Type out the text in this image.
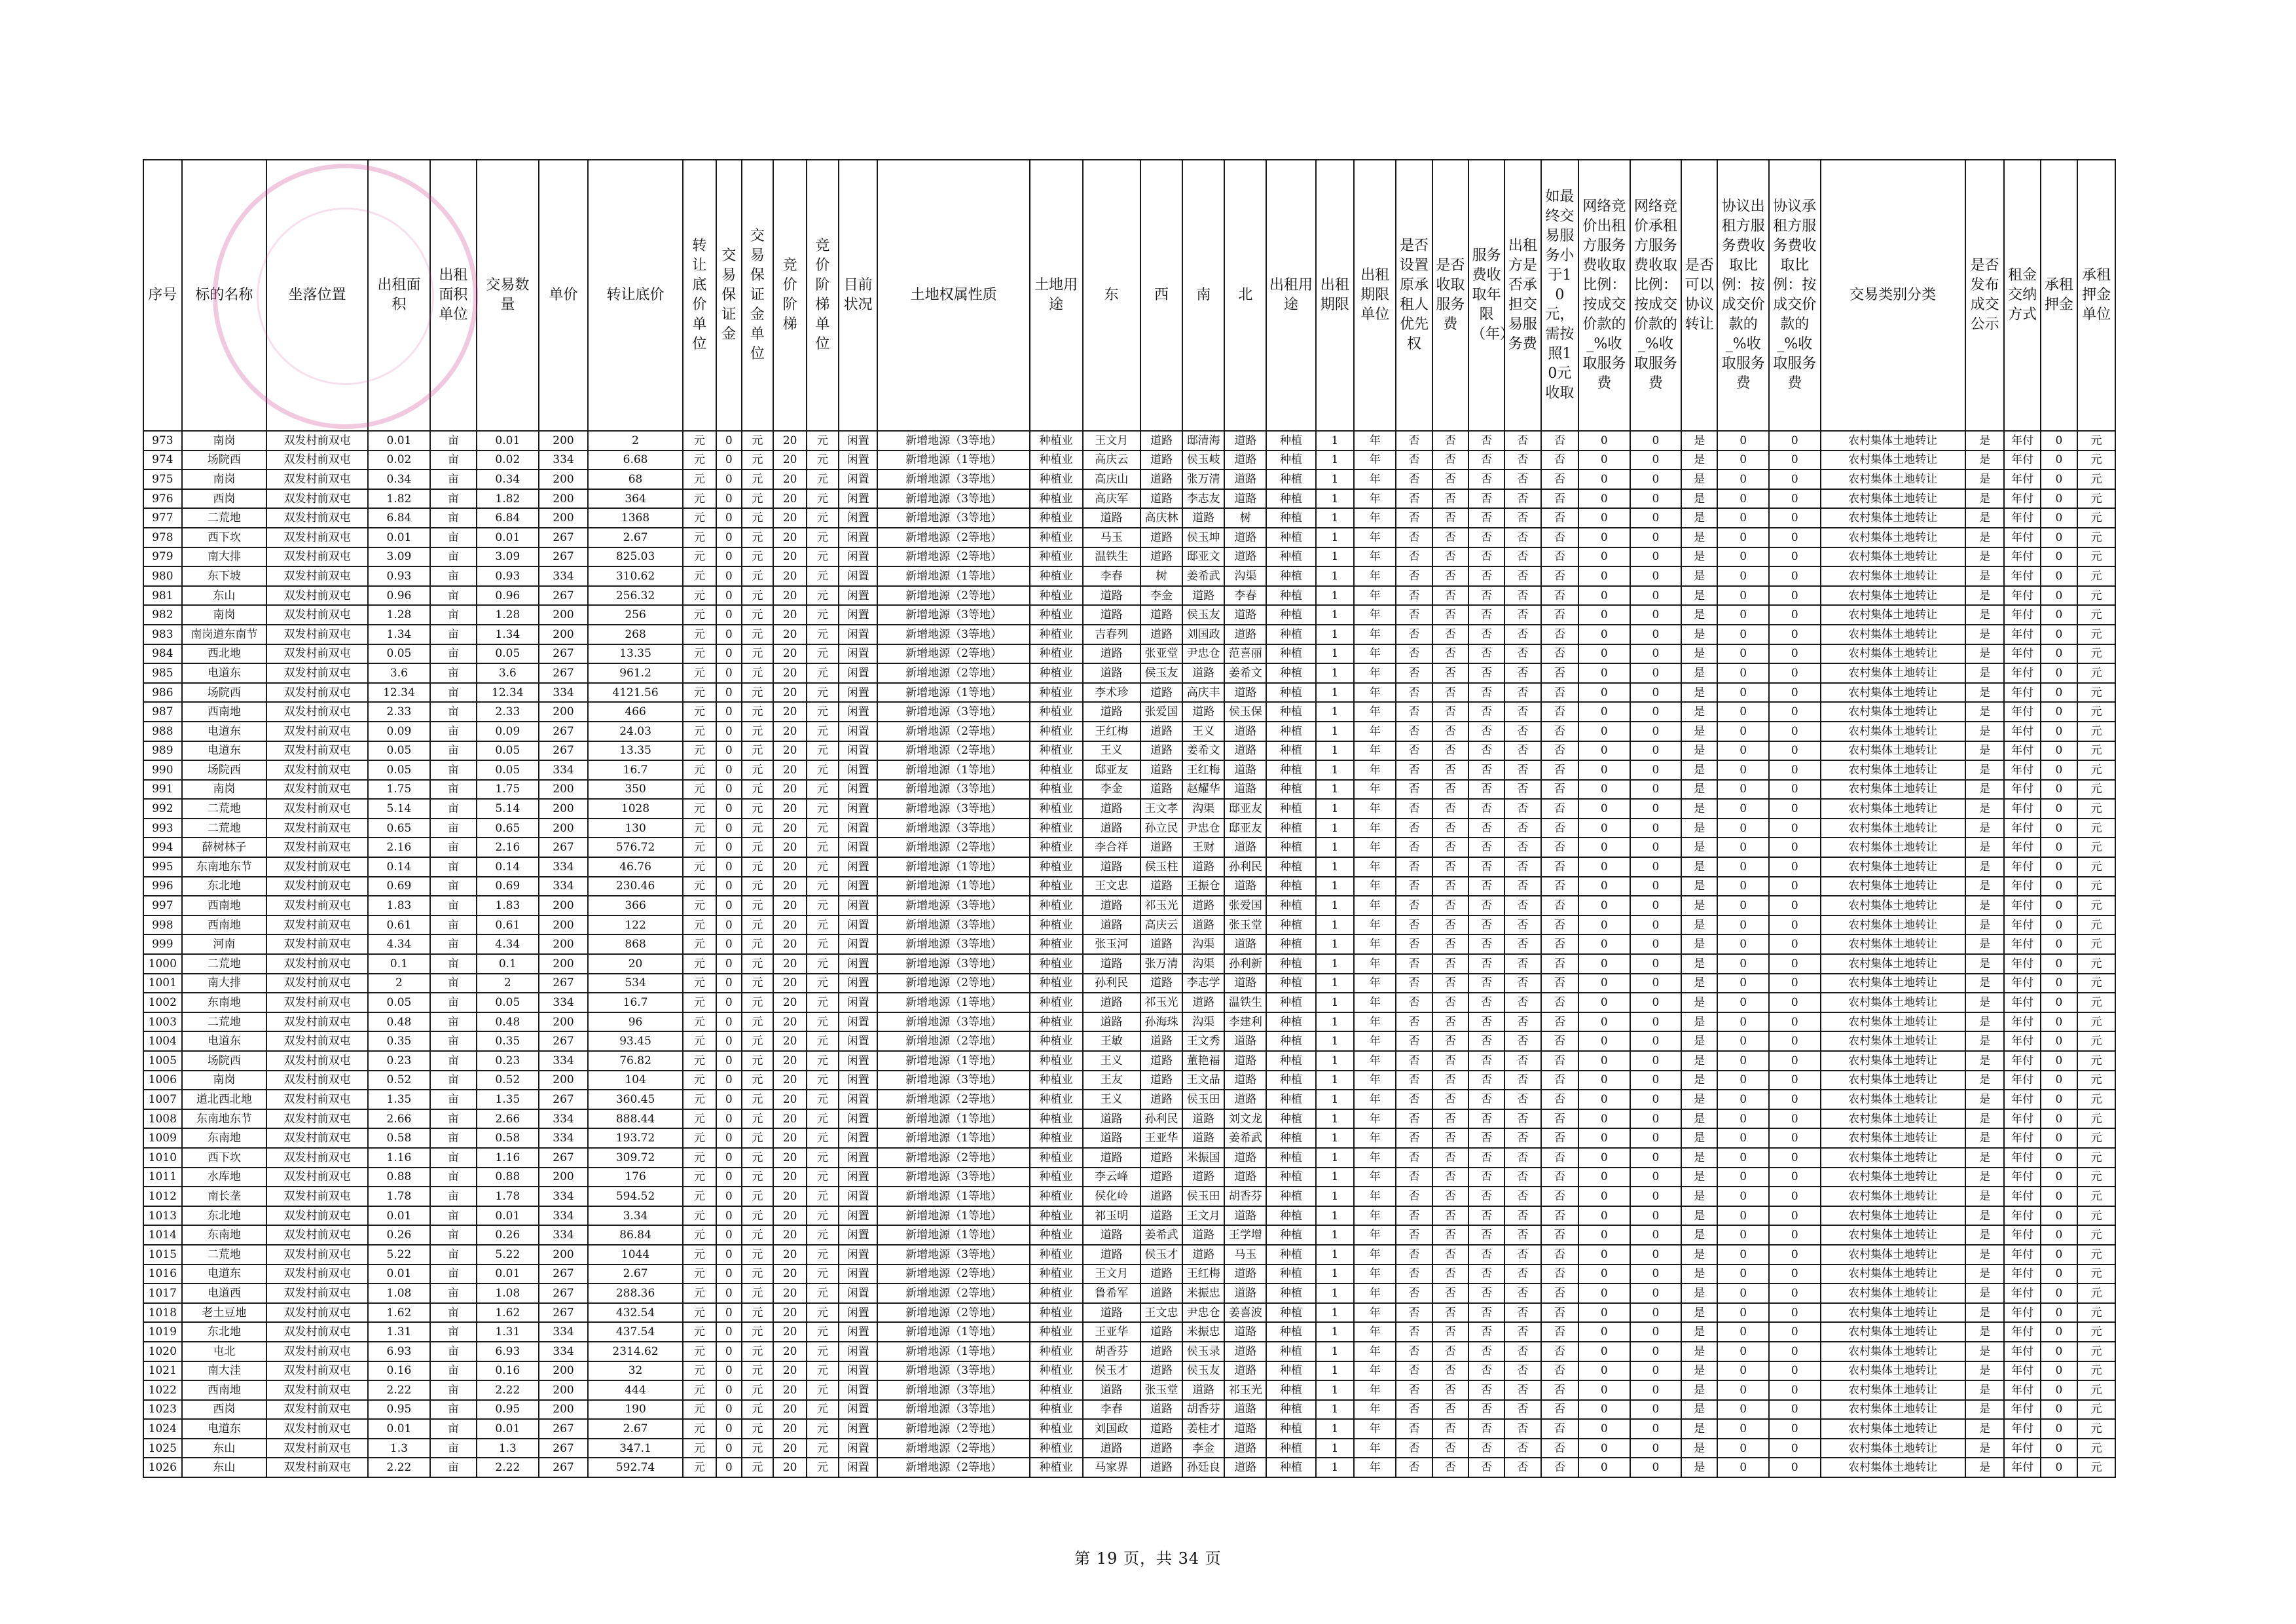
序号	标的名称	坐落位置	出租面积	出租面积单位	交易数量	单价	转让底价	转让底价单位	交易保证金	交易保证金单位	竞价阶梯	竞价阶梯单位	目前状况	土地权属性质	土地用途	东	西	南	北	出租用途	出租期限	出租期限单位	是否设置原承租人优先权	是否收取服务费	服务费收取年限（年）	出租方是否承担交易服务费	如最终交易服务小于10元，需按照10元收取	网络竞价出租方服务费收取比例：按成交价款的_%收取服务费	网络竞价承租方服务费收取比例：按成交价款的_%收取服务费	是否可以协议转让	协议出租方服务费收取比例：按成交价款的_%收取服务费	协议承租方服务费收取比例：按成交价款的_%收取服务费	交易类别分类	是否发布成交公示	租金交纳方式	承租押金	承租押金单位
973	南岗	双发村前双屯	0.01	亩	0.01	200	2	元	0	元	20	元	闲置	新增地源（3等地）	种植业	王文月	道路	邸清海	道路	种植	1	年	否	否	否	否	否	0	0	是	0	0	农村集体土地转让	是	年付	0	元
974	场院西	双发村前双屯	0.02	亩	0.02	334	6.68	元	0	元	20	元	闲置	新增地源（1等地）	种植业	高庆云	道路	侯玉岐	道路	种植	1	年	否	否	否	否	否	0	0	是	0	0	农村集体土地转让	是	年付	0	元
975	南岗	双发村前双屯	0.34	亩	0.34	200	68	元	0	元	20	元	闲置	新增地源（3等地）	种植业	高庆山	道路	张万清	道路	种植	1	年	否	否	否	否	否	0	0	是	0	0	农村集体土地转让	是	年付	0	元
976	西岗	双发村前双屯	1.82	亩	1.82	200	364	元	0	元	20	元	闲置	新增地源（3等地）	种植业	高庆军	道路	李志友	道路	种植	1	年	否	否	否	否	否	0	0	是	0	0	农村集体土地转让	是	年付	0	元
977	二荒地	双发村前双屯	6.84	亩	6.84	200	1368	元	0	元	20	元	闲置	新增地源（3等地）	种植业	道路	高庆林	道路	树	种植	1	年	否	否	否	否	否	0	0	是	0	0	农村集体土地转让	是	年付	0	元
978	西下坎	双发村前双屯	0.01	亩	0.01	267	2.67	元	0	元	20	元	闲置	新增地源（2等地）	种植业	马玉	道路	侯玉坤	道路	种植	1	年	否	否	否	否	否	0	0	是	0	0	农村集体土地转让	是	年付	0	元
979	南大排	双发村前双屯	3.09	亩	3.09	267	825.03	元	0	元	20	元	闲置	新增地源（2等地）	种植业	温铁生	道路	邸亚文	道路	种植	1	年	否	否	否	否	否	0	0	是	0	0	农村集体土地转让	是	年付	0	元
980	东下坡	双发村前双屯	0.93	亩	0.93	334	310.62	元	0	元	20	元	闲置	新增地源（1等地）	种植业	李春	树	姜希武	沟渠	种植	1	年	否	否	否	否	否	0	0	是	0	0	农村集体土地转让	是	年付	0	元
981	东山	双发村前双屯	0.96	亩	0.96	267	256.32	元	0	元	20	元	闲置	新增地源（2等地）	种植业	道路	李金	道路	李春	种植	1	年	否	否	否	否	否	0	0	是	0	0	农村集体土地转让	是	年付	0	元
982	南岗	双发村前双屯	1.28	亩	1.28	200	256	元	0	元	20	元	闲置	新增地源（3等地）	种植业	道路	道路	侯玉友	道路	种植	1	年	否	否	否	否	否	0	0	是	0	0	农村集体土地转让	是	年付	0	元
983	南岗道东南节	双发村前双屯	1.34	亩	1.34	200	268	元	0	元	20	元	闲置	新增地源（3等地）	种植业	吉春列	道路	刘国政	道路	种植	1	年	否	否	否	否	否	0	0	是	0	0	农村集体土地转让	是	年付	0	元
984	西北地	双发村前双屯	0.05	亩	0.05	267	13.35	元	0	元	20	元	闲置	新增地源（2等地）	种植业	道路	张亚堂	尹忠仓	范喜丽	种植	1	年	否	否	否	否	否	0	0	是	0	0	农村集体土地转让	是	年付	0	元
985	电道东	双发村前双屯	3.6	亩	3.6	267	961.2	元	0	元	20	元	闲置	新增地源（2等地）	种植业	道路	侯玉友	道路	姜希文	种植	1	年	否	否	否	否	否	0	0	是	0	0	农村集体土地转让	是	年付	0	元
986	场院西	双发村前双屯	12.34	亩	12.34	334	4121.56	元	0	元	20	元	闲置	新增地源（1等地）	种植业	李术珍	道路	高庆丰	道路	种植	1	年	否	否	否	否	否	0	0	是	0	0	农村集体土地转让	是	年付	0	元
987	西南地	双发村前双屯	2.33	亩	2.33	200	466	元	0	元	20	元	闲置	新增地源（3等地）	种植业	道路	张爱国	道路	侯玉保	种植	1	年	否	否	否	否	否	0	0	是	0	0	农村集体土地转让	是	年付	0	元
988	电道东	双发村前双屯	0.09	亩	0.09	267	24.03	元	0	元	20	元	闲置	新增地源（2等地）	种植业	王红梅	道路	王义	道路	种植	1	年	否	否	否	否	否	0	0	是	0	0	农村集体土地转让	是	年付	0	元
989	电道东	双发村前双屯	0.05	亩	0.05	267	13.35	元	0	元	20	元	闲置	新增地源（2等地）	种植业	王义	道路	姜希文	道路	种植	1	年	否	否	否	否	否	0	0	是	0	0	农村集体土地转让	是	年付	0	元
990	场院西	双发村前双屯	0.05	亩	0.05	334	16.7	元	0	元	20	元	闲置	新增地源（1等地）	种植业	邸亚友	道路	王红梅	道路	种植	1	年	否	否	否	否	否	0	0	是	0	0	农村集体土地转让	是	年付	0	元
991	南岗	双发村前双屯	1.75	亩	1.75	200	350	元	0	元	20	元	闲置	新增地源（3等地）	种植业	李金	道路	赵耀华	道路	种植	1	年	否	否	否	否	否	0	0	是	0	0	农村集体土地转让	是	年付	0	元
992	二荒地	双发村前双屯	5.14	亩	5.14	200	1028	元	0	元	20	元	闲置	新增地源（3等地）	种植业	道路	王文孝	沟渠	邸亚友	种植	1	年	否	否	否	否	否	0	0	是	0	0	农村集体土地转让	是	年付	0	元
993	二荒地	双发村前双屯	0.65	亩	0.65	200	130	元	0	元	20	元	闲置	新增地源（3等地）	种植业	道路	孙立民	尹忠仓	邸亚友	种植	1	年	否	否	否	否	否	0	0	是	0	0	农村集体土地转让	是	年付	0	元
994	薛树林子	双发村前双屯	2.16	亩	2.16	267	576.72	元	0	元	20	元	闲置	新增地源（2等地）	种植业	李合祥	道路	王财	道路	种植	1	年	否	否	否	否	否	0	0	是	0	0	农村集体土地转让	是	年付	0	元
995	东南地东节	双发村前双屯	0.14	亩	0.14	334	46.76	元	0	元	20	元	闲置	新增地源（1等地）	种植业	道路	侯玉柱	道路	孙利民	种植	1	年	否	否	否	否	否	0	0	是	0	0	农村集体土地转让	是	年付	0	元
996	东北地	双发村前双屯	0.69	亩	0.69	334	230.46	元	0	元	20	元	闲置	新增地源（1等地）	种植业	王文忠	道路	王振仓	道路	种植	1	年	否	否	否	否	否	0	0	是	0	0	农村集体土地转让	是	年付	0	元
997	西南地	双发村前双屯	1.83	亩	1.83	200	366	元	0	元	20	元	闲置	新增地源（3等地）	种植业	道路	祁玉光	道路	张爱国	种植	1	年	否	否	否	否	否	0	0	是	0	0	农村集体土地转让	是	年付	0	元
998	西南地	双发村前双屯	0.61	亩	0.61	200	122	元	0	元	20	元	闲置	新增地源（3等地）	种植业	道路	高庆云	道路	张玉堂	种植	1	年	否	否	否	否	否	0	0	是	0	0	农村集体土地转让	是	年付	0	元
999	河南	双发村前双屯	4.34	亩	4.34	200	868	元	0	元	20	元	闲置	新增地源（3等地）	种植业	张玉河	道路	沟渠	道路	种植	1	年	否	否	否	否	否	0	0	是	0	0	农村集体土地转让	是	年付	0	元
1000	二荒地	双发村前双屯	0.1	亩	0.1	200	20	元	0	元	20	元	闲置	新增地源（3等地）	种植业	道路	张万清	沟渠	孙利新	种植	1	年	否	否	否	否	否	0	0	是	0	0	农村集体土地转让	是	年付	0	元
1001	南大排	双发村前双屯	2	亩	2	267	534	元	0	元	20	元	闲置	新增地源（2等地）	种植业	孙利民	道路	李志学	道路	种植	1	年	否	否	否	否	否	0	0	是	0	0	农村集体土地转让	是	年付	0	元
1002	东南地	双发村前双屯	0.05	亩	0.05	334	16.7	元	0	元	20	元	闲置	新增地源（1等地）	种植业	道路	祁玉光	道路	温铁生	种植	1	年	否	否	否	否	否	0	0	是	0	0	农村集体土地转让	是	年付	0	元
1003	二荒地	双发村前双屯	0.48	亩	0.48	200	96	元	0	元	20	元	闲置	新增地源（3等地）	种植业	道路	孙海珠	沟渠	李建利	种植	1	年	否	否	否	否	否	0	0	是	0	0	农村集体土地转让	是	年付	0	元
1004	电道东	双发村前双屯	0.35	亩	0.35	267	93.45	元	0	元	20	元	闲置	新增地源（2等地）	种植业	王敏	道路	王文秀	道路	种植	1	年	否	否	否	否	否	0	0	是	0	0	农村集体土地转让	是	年付	0	元
1005	场院西	双发村前双屯	0.23	亩	0.23	334	76.82	元	0	元	20	元	闲置	新增地源（1等地）	种植业	王义	道路	董艳福	道路	种植	1	年	否	否	否	否	否	0	0	是	0	0	农村集体土地转让	是	年付	0	元
1006	南岗	双发村前双屯	0.52	亩	0.52	200	104	元	0	元	20	元	闲置	新增地源（3等地）	种植业	王友	道路	王文品	道路	种植	1	年	否	否	否	否	否	0	0	是	0	0	农村集体土地转让	是	年付	0	元
1007	道北西北地	双发村前双屯	1.35	亩	1.35	267	360.45	元	0	元	20	元	闲置	新增地源（2等地）	种植业	王义	道路	侯玉田	道路	种植	1	年	否	否	否	否	否	0	0	是	0	0	农村集体土地转让	是	年付	0	元
1008	东南地东节	双发村前双屯	2.66	亩	2.66	334	888.44	元	0	元	20	元	闲置	新增地源（1等地）	种植业	道路	孙利民	道路	刘文龙	种植	1	年	否	否	否	否	否	0	0	是	0	0	农村集体土地转让	是	年付	0	元
1009	东南地	双发村前双屯	0.58	亩	0.58	334	193.72	元	0	元	20	元	闲置	新增地源（1等地）	种植业	道路	王亚华	道路	姜希武	种植	1	年	否	否	否	否	否	0	0	是	0	0	农村集体土地转让	是	年付	0	元
1010	西下坎	双发村前双屯	1.16	亩	1.16	267	309.72	元	0	元	20	元	闲置	新增地源（2等地）	种植业	道路	道路	米振国	道路	种植	1	年	否	否	否	否	否	0	0	是	0	0	农村集体土地转让	是	年付	0	元
1011	水库地	双发村前双屯	0.88	亩	0.88	200	176	元	0	元	20	元	闲置	新增地源（3等地）	种植业	李云峰	道路	道路	道路	种植	1	年	否	否	否	否	否	0	0	是	0	0	农村集体土地转让	是	年付	0	元
1012	南长垄	双发村前双屯	1.78	亩	1.78	334	594.52	元	0	元	20	元	闲置	新增地源（1等地）	种植业	侯化岭	道路	侯玉田	胡香芬	种植	1	年	否	否	否	否	否	0	0	是	0	0	农村集体土地转让	是	年付	0	元
1013	东北地	双发村前双屯	0.01	亩	0.01	334	3.34	元	0	元	20	元	闲置	新增地源（1等地）	种植业	祁玉明	道路	王文月	道路	种植	1	年	否	否	否	否	否	0	0	是	0	0	农村集体土地转让	是	年付	0	元
1014	东南地	双发村前双屯	0.26	亩	0.26	334	86.84	元	0	元	20	元	闲置	新增地源（1等地）	种植业	道路	姜希武	道路	王学增	种植	1	年	否	否	否	否	否	0	0	是	0	0	农村集体土地转让	是	年付	0	元
1015	二荒地	双发村前双屯	5.22	亩	5.22	200	1044	元	0	元	20	元	闲置	新增地源（3等地）	种植业	道路	侯玉才	道路	马玉	种植	1	年	否	否	否	否	否	0	0	是	0	0	农村集体土地转让	是	年付	0	元
1016	电道东	双发村前双屯	0.01	亩	0.01	267	2.67	元	0	元	20	元	闲置	新增地源（2等地）	种植业	王文月	道路	王红梅	道路	种植	1	年	否	否	否	否	否	0	0	是	0	0	农村集体土地转让	是	年付	0	元
1017	电道西	双发村前双屯	1.08	亩	1.08	267	288.36	元	0	元	20	元	闲置	新增地源（2等地）	种植业	鲁希军	道路	米振忠	道路	种植	1	年	否	否	否	否	否	0	0	是	0	0	农村集体土地转让	是	年付	0	元
1018	老土豆地	双发村前双屯	1.62	亩	1.62	267	432.54	元	0	元	20	元	闲置	新增地源（2等地）	种植业	道路	王文忠	尹忠仓	姜喜波	种植	1	年	否	否	否	否	否	0	0	是	0	0	农村集体土地转让	是	年付	0	元
1019	东北地	双发村前双屯	1.31	亩	1.31	334	437.54	元	0	元	20	元	闲置	新增地源（1等地）	种植业	王亚华	道路	米振忠	道路	种植	1	年	否	否	否	否	否	0	0	是	0	0	农村集体土地转让	是	年付	0	元
1020	屯北	双发村前双屯	6.93	亩	6.93	334	2314.62	元	0	元	20	元	闲置	新增地源（1等地）	种植业	胡香芬	道路	侯玉录	道路	种植	1	年	否	否	否	否	否	0	0	是	0	0	农村集体土地转让	是	年付	0	元
1021	南大洼	双发村前双屯	0.16	亩	0.16	200	32	元	0	元	20	元	闲置	新增地源（3等地）	种植业	侯玉才	道路	侯玉友	道路	种植	1	年	否	否	否	否	否	0	0	是	0	0	农村集体土地转让	是	年付	0	元
1022	西南地	双发村前双屯	2.22	亩	2.22	200	444	元	0	元	20	元	闲置	新增地源（3等地）	种植业	道路	张玉堂	道路	祁玉光	种植	1	年	否	否	否	否	否	0	0	是	0	0	农村集体土地转让	是	年付	0	元
1023	西岗	双发村前双屯	0.95	亩	0.95	200	190	元	0	元	20	元	闲置	新增地源（3等地）	种植业	李春	道路	胡香芬	道路	种植	1	年	否	否	否	否	否	0	0	是	0	0	农村集体土地转让	是	年付	0	元
1024	电道东	双发村前双屯	0.01	亩	0.01	267	2.67	元	0	元	20	元	闲置	新增地源（2等地）	种植业	刘国政	道路	姜桂才	道路	种植	1	年	否	否	否	否	否	0	0	是	0	0	农村集体土地转让	是	年付	0	元
1025	东山	双发村前双屯	1.3	亩	1.3	267	347.1	元	0	元	20	元	闲置	新增地源（2等地）	种植业	道路	道路	李金	道路	种植	1	年	否	否	否	否	否	0	0	是	0	0	农村集体土地转让	是	年付	0	元
1026	东山	双发村前双屯	2.22	亩	2.22	267	592.74	元	0	元	20	元	闲置	新增地源（2等地）	种植业	马家界	道路	孙廷良	道路	种植	1	年	否	否	否	否	否	0	0	是	0	0	农村集体土地转让	是	年付	0	元
第 19 页，共 34 页
